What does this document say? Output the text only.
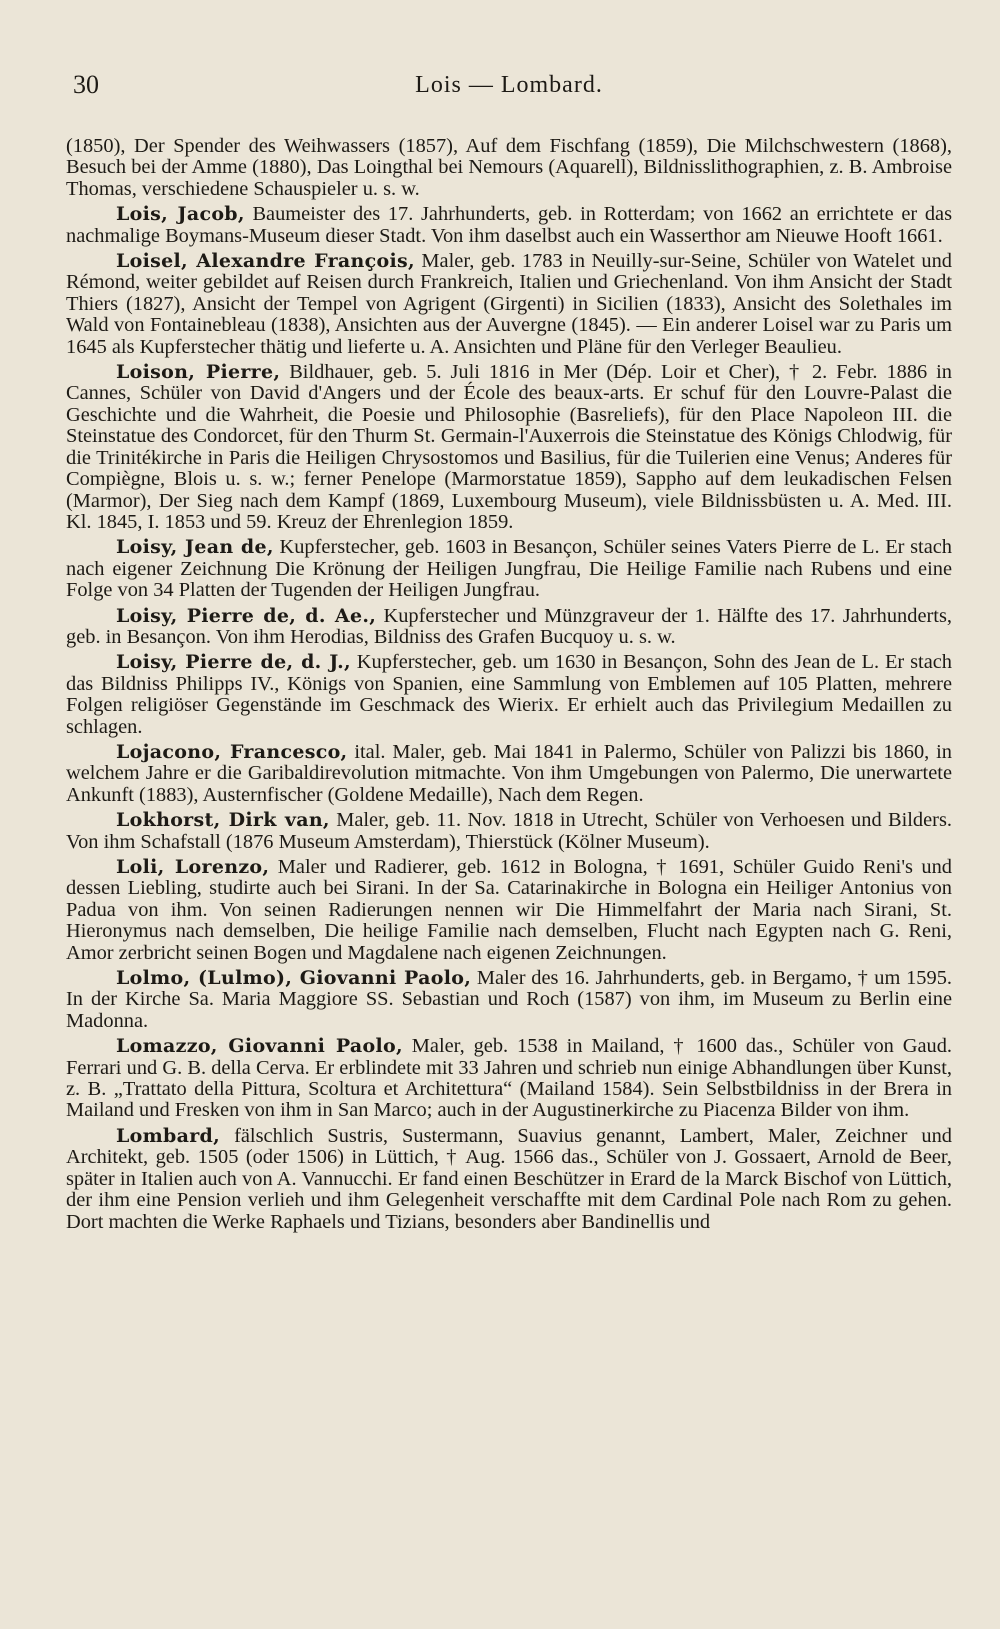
30	Lois — Lombard.

(1850), Der Spender des Weihwassers (1857), Auf dem Fischfang (1859), Die Milchschwestern (1868), Besuch bei der Amme (1880), Das Loingthal bei Nemours (Aquarell), Bildnisslithographien, z. B. Ambroise Thomas, verschiedene Schauspieler u. s. w.

Lois, Jacob, Baumeister des 17. Jahrhunderts, geb. in Rotterdam; von 1662 an errichtete er das nachmalige Boymans-Museum dieser Stadt. Von ihm daselbst auch ein Wasserthor am Nieuwe Hooft 1661.

Loisel, Alexandre François, Maler, geb. 1783 in Neuilly-sur-Seine, Schüler von Watelet und Rémond, weiter gebildet auf Reisen durch Frankreich, Italien und Griechenland. Von ihm Ansicht der Stadt Thiers (1827), Ansicht der Tempel von Agrigent (Girgenti) in Sicilien (1833), Ansicht des Solethales im Wald von Fontainebleau (1838), Ansichten aus der Auvergne (1845). — Ein anderer Loisel war zu Paris um 1645 als Kupferstecher thätig und lieferte u. A. Ansichten und Pläne für den Verleger Beaulieu.

Loison, Pierre, Bildhauer, geb. 5. Juli 1816 in Mer (Dép. Loir et Cher), † 2. Febr. 1886 in Cannes, Schüler von David d'Angers und der École des beaux-arts. Er schuf für den Louvre-Palast die Geschichte und die Wahrheit, die Poesie und Philosophie (Basreliefs), für den Place Napoleon III. die Steinstatue des Condorcet, für den Thurm St. Germain-l'Auxerrois die Steinstatue des Königs Chlodwig, für die Trinitékirche in Paris die Heiligen Chrysostomos und Basilius, für die Tuilerien eine Venus; Anderes für Compiègne, Blois u. s. w.; ferner Penelope (Marmorstatue 1859), Sappho auf dem leukadischen Felsen (Marmor), Der Sieg nach dem Kampf (1869, Luxembourg Museum), viele Bildnissbüsten u. A. Med. III. Kl. 1845, I. 1853 und 59. Kreuz der Ehrenlegion 1859.

Loisy, Jean de, Kupferstecher, geb. 1603 in Besançon, Schüler seines Vaters Pierre de L. Er stach nach eigener Zeichnung Die Krönung der Heiligen Jungfrau, Die Heilige Familie nach Rubens und eine Folge von 34 Platten der Tugenden der Heiligen Jungfrau.

Loisy, Pierre de, d. Ae., Kupferstecher und Münzgraveur der 1. Hälfte des 17. Jahrhunderts, geb. in Besançon. Von ihm Herodias, Bildniss des Grafen Bucquoy u. s. w.

Loisy, Pierre de, d. J., Kupferstecher, geb. um 1630 in Besançon, Sohn des Jean de L. Er stach das Bildniss Philipps IV., Königs von Spanien, eine Sammlung von Emblemen auf 105 Platten, mehrere Folgen religiöser Gegenstände im Geschmack des Wierix. Er erhielt auch das Privilegium Medaillen zu schlagen.

Lojacono, Francesco, ital. Maler, geb. Mai 1841 in Palermo, Schüler von Palizzi bis 1860, in welchem Jahre er die Garibaldirevolution mitmachte. Von ihm Umgebungen von Palermo, Die unerwartete Ankunft (1883), Austernfischer (Goldene Medaille), Nach dem Regen.

Lokhorst, Dirk van, Maler, geb. 11. Nov. 1818 in Utrecht, Schüler von Verhoesen und Bilders. Von ihm Schafstall (1876 Museum Amsterdam), Thierstück (Kölner Museum).

Loli, Lorenzo, Maler und Radierer, geb. 1612 in Bologna, † 1691, Schüler Guido Reni's und dessen Liebling, studirte auch bei Sirani. In der Sa. Catarinakirche in Bologna ein Heiliger Antonius von Padua von ihm. Von seinen Radierungen nennen wir Die Himmelfahrt der Maria nach Sirani, St. Hieronymus nach demselben, Die heilige Familie nach demselben, Flucht nach Egypten nach G. Reni, Amor zerbricht seinen Bogen und Magdalene nach eigenen Zeichnungen.

Lolmo, (Lulmo), Giovanni Paolo, Maler des 16. Jahrhunderts, geb. in Bergamo, † um 1595. In der Kirche Sa. Maria Maggiore SS. Sebastian und Roch (1587) von ihm, im Museum zu Berlin eine Madonna.

Lomazzo, Giovanni Paolo, Maler, geb. 1538 in Mailand, † 1600 das., Schüler von Gaud. Ferrari und G. B. della Cerva. Er erblindete mit 33 Jahren und schrieb nun einige Abhandlungen über Kunst, z. B. „Trattato della Pittura, Scoltura et Architettura“ (Mailand 1584). Sein Selbstbildniss in der Brera in Mailand und Fresken von ihm in San Marco; auch in der Augustinerkirche zu Piacenza Bilder von ihm.

Lombard, fälschlich Sustris, Sustermann, Suavius genannt, Lambert, Maler, Zeichner und Architekt, geb. 1505 (oder 1506) in Lüttich, † Aug. 1566 das., Schüler von J. Gossaert, Arnold de Beer, später in Italien auch von A. Vannucchi. Er fand einen Beschützer in Erard de la Marck Bischof von Lüttich, der ihm eine Pension verlieh und ihm Gelegenheit verschaffte mit dem Cardinal Pole nach Rom zu gehen. Dort machten die Werke Raphaels und Tizians, besonders aber Bandinellis und
